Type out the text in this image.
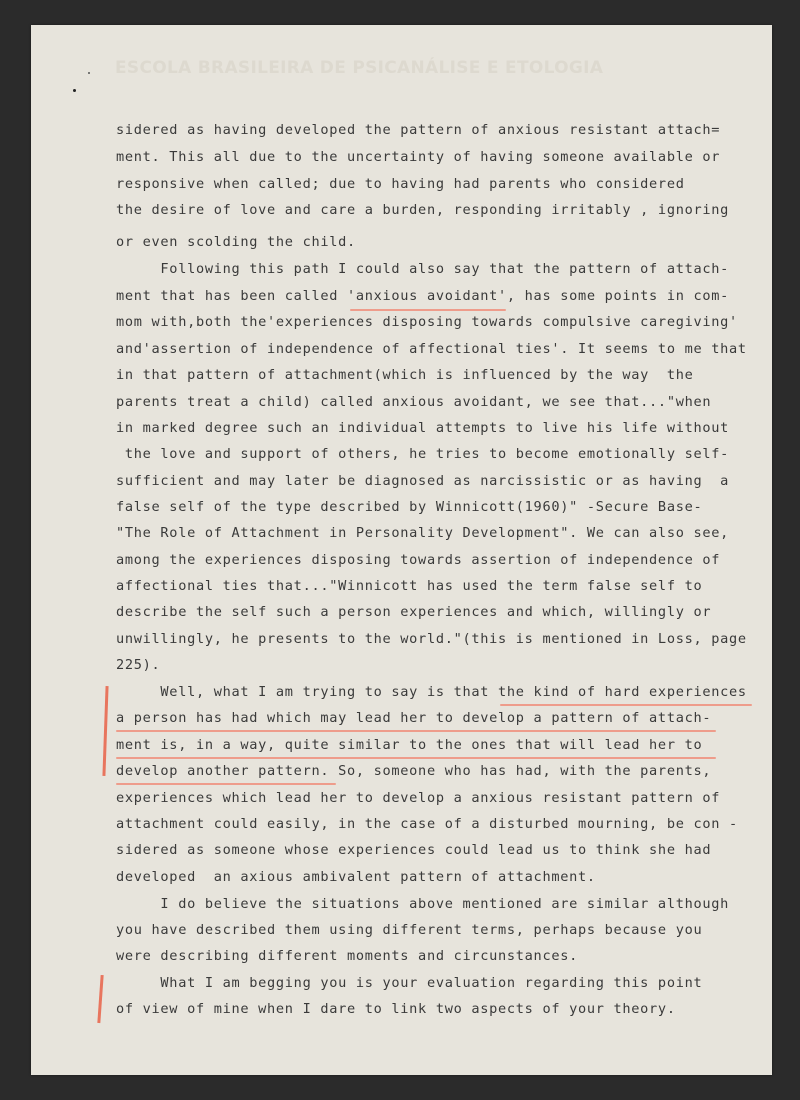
ESCOLA BRASILEIRA DE PSICANÁLISE E ETOLOGIA
sidered as having developed the pattern of anxious resistant attach=
ment. This all due to the uncertainty of having someone available or
responsive when called; due to having had parents who considered
the desire of love and care a burden, responding irritably , ignoring
or even scolding the child.
Following this path I could also say that the pattern of attach-
ment that has been called 'anxious avoidant', has some points in com-
mom with,both the'experiences disposing towards compulsive caregiving'
and'assertion of independence of affectional ties'. It seems to me that
in that pattern of attachment(which is influenced by the way  the
parents treat a child) called anxious avoidant, we see that..."when
in marked degree such an individual attempts to live his life without
the love and support of others, he tries to become emotionally self-
sufficient and may later be diagnosed as narcissistic or as having  a
false self of the type described by Winnicott(1960)" -Secure Base-
"The Role of Attachment in Personality Development". We can also see,
among the experiences disposing towards assertion of independence of
affectional ties that..."Winnicott has used the term false self to
describe the self such a person experiences and which, willingly or
unwillingly, he presents to the world."(this is mentioned in Loss, page
225).
Well, what I am trying to say is that the kind of hard experiences
a person has had which may lead her to develop a pattern of attach-
ment is, in a way, quite similar to the ones that will lead her to
develop another pattern. So, someone who has had, with the parents,
experiences which lead her to develop a anxious resistant pattern of
attachment could easily, in the case of a disturbed mourning, be con -
sidered as someone whose experiences could lead us to think she had
developed  an axious ambivalent pattern of attachment.
I do believe the situations above mentioned are similar although
you have described them using different terms, perhaps because you
were describing different moments and circunstances.
What I am begging you is your evaluation regarding this point
of view of mine when I dare to link two aspects of your theory.
